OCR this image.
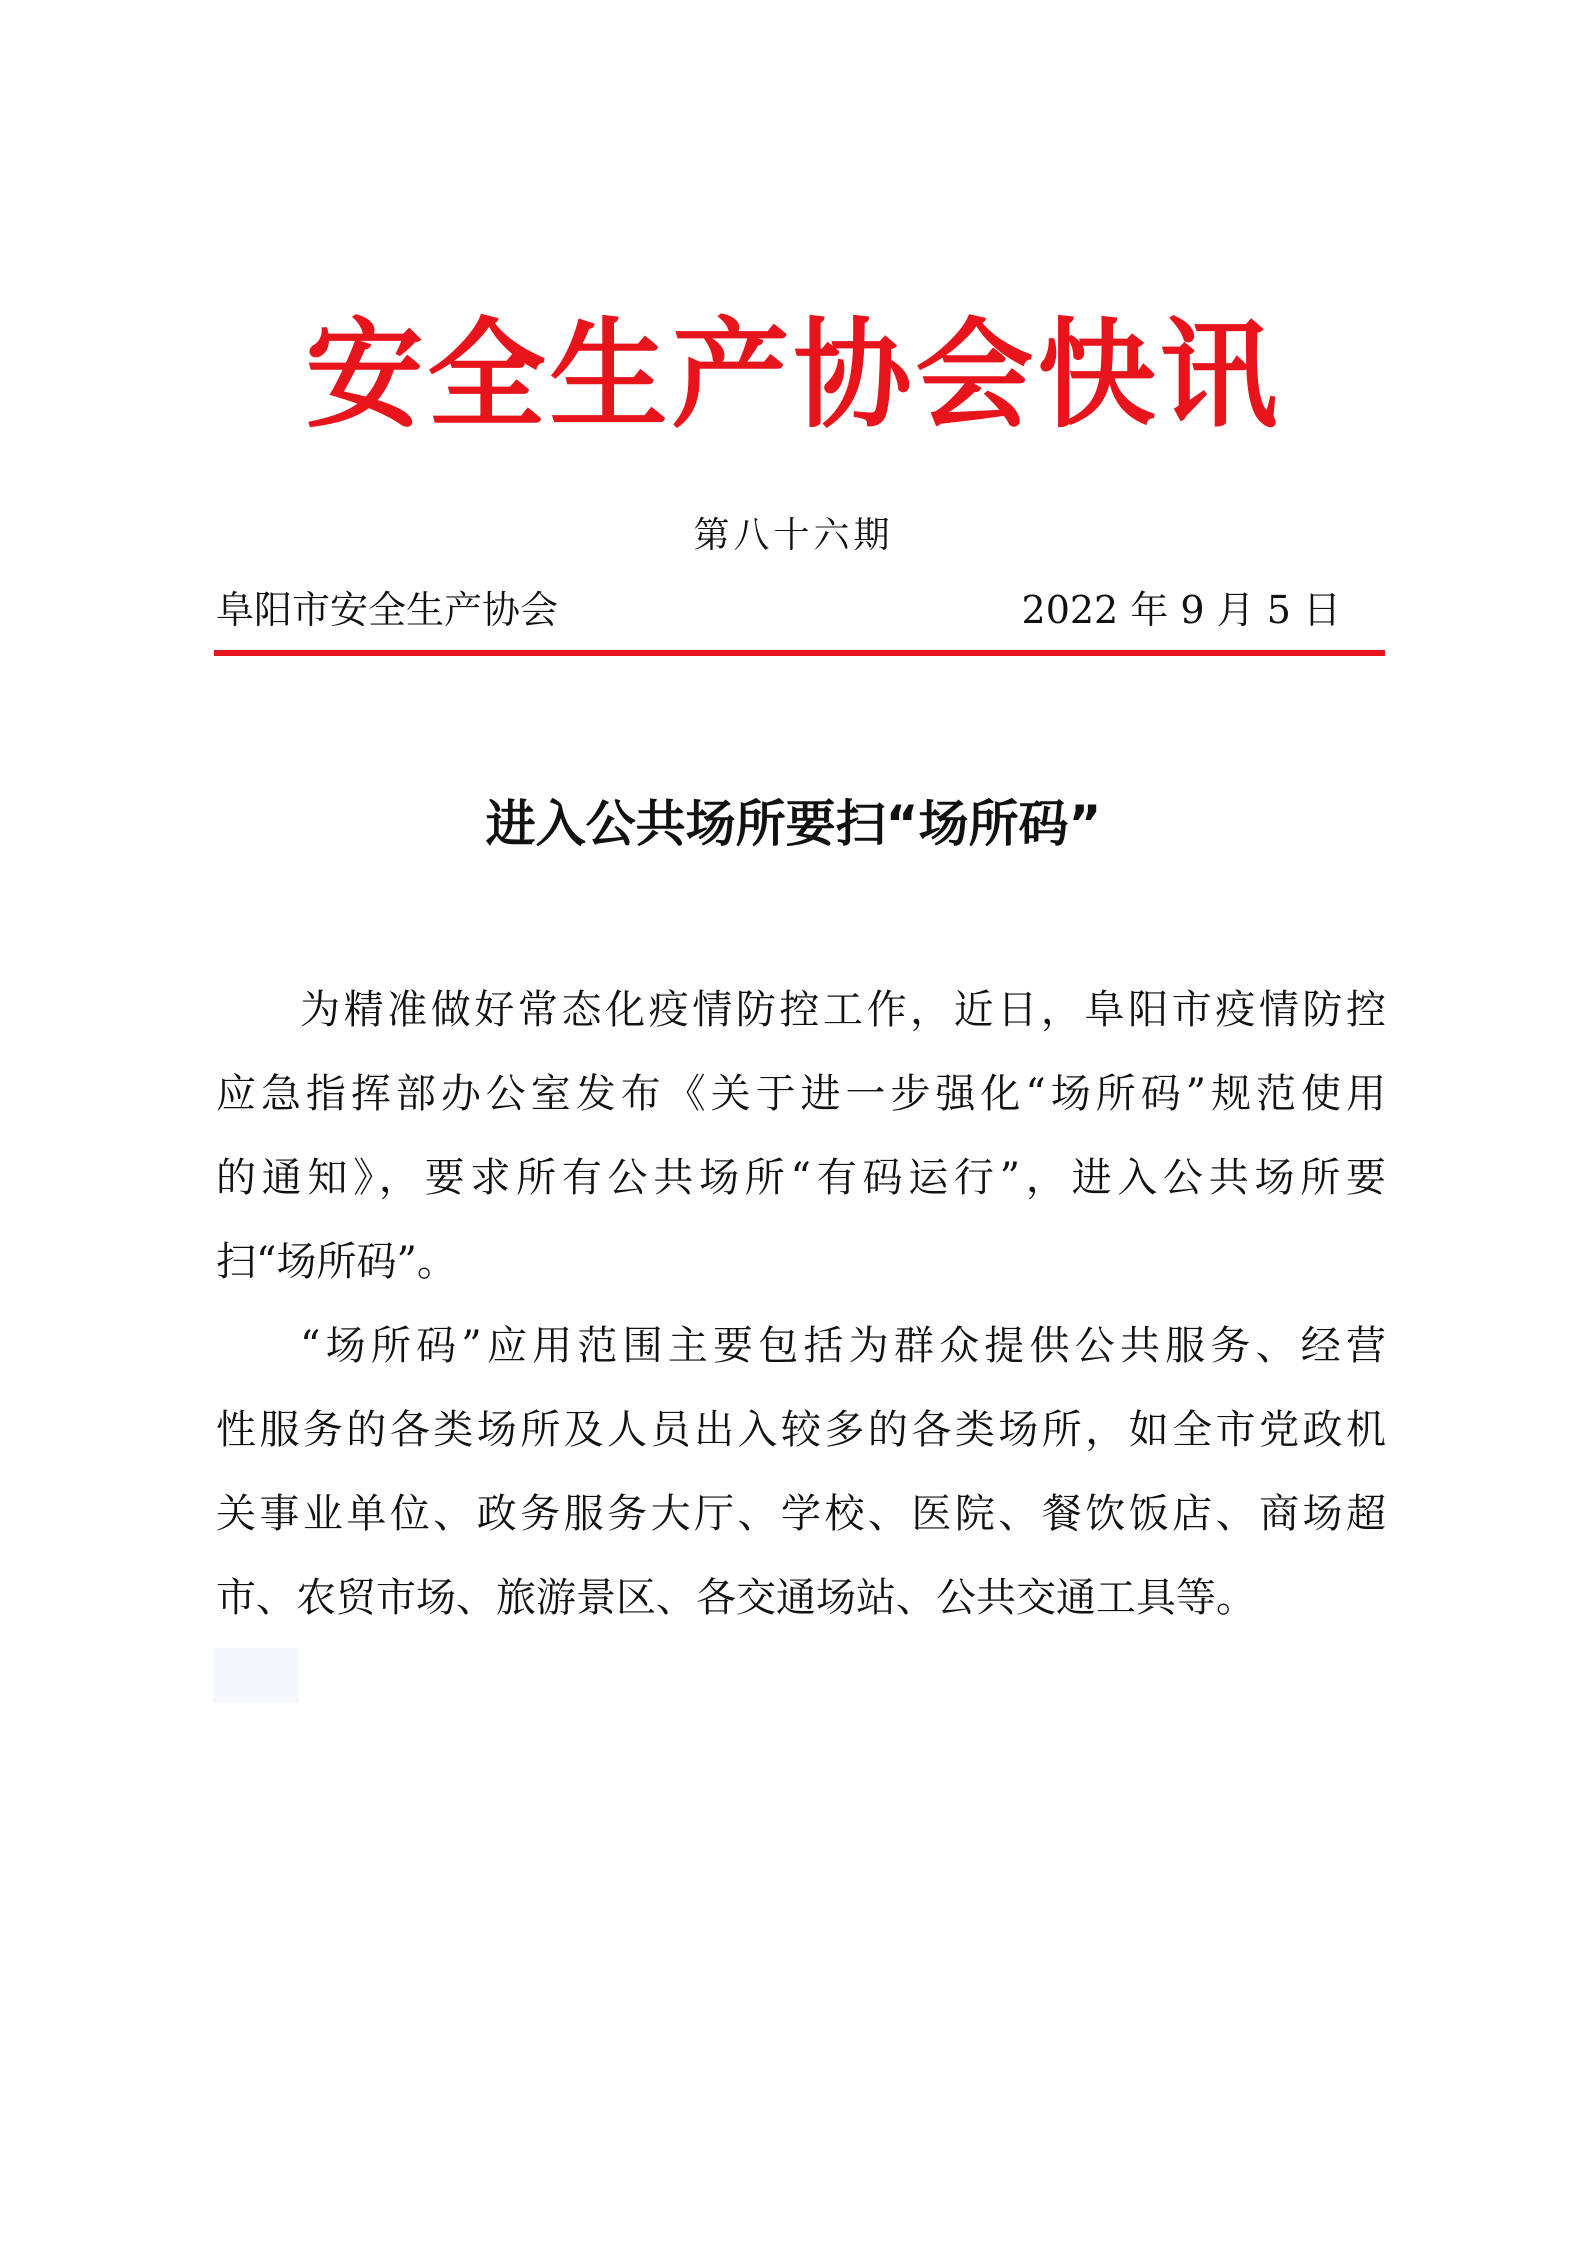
安全生产协会快讯
第八十六期
阜阳市安全生产协会	2022 年 9 月 5 日
进入公共场所要扫“场所码”
为精准做好常态化疫情防控工作，近日，阜阳市疫情防控
应急指挥部办公室发布《关于进一步强化“场所码”规范使用
的通知》，要求所有公共场所“有码运行”，进入公共场所要
扫“场所码”。
“场所码”应用范围主要包括为群众提供公共服务、经营
性服务的各类场所及人员出入较多的各类场所，如全市党政机
关事业单位、政务服务大厅、学校、医院、餐饮饭店、商场超
市、农贸市场、旅游景区、各交通场站、公共交通工具等。
